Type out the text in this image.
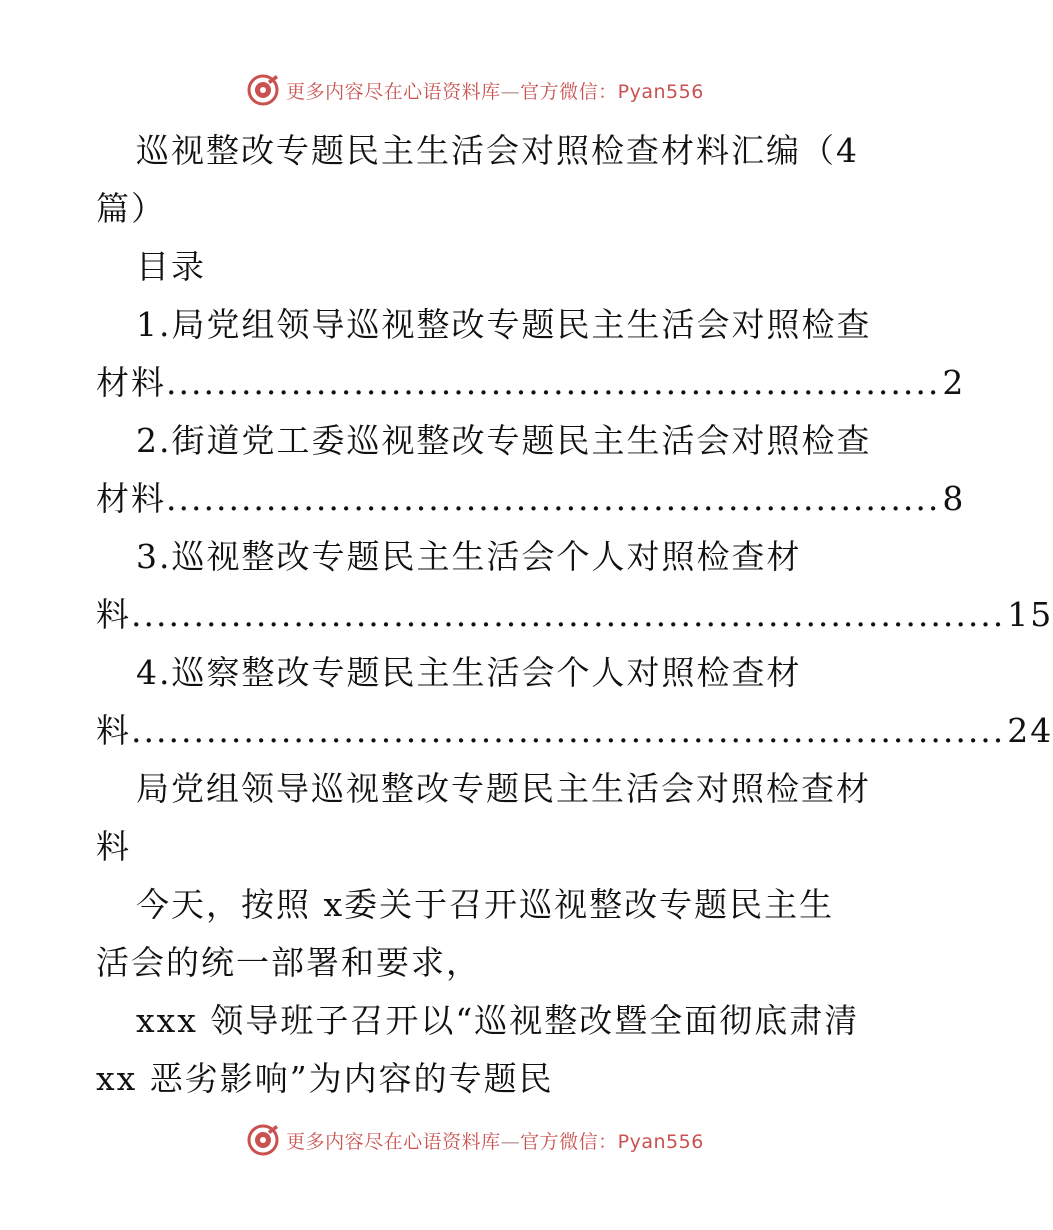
更多内容尽在心语资料库—官方微信：Pyan556
巡视整改专题民主生活会对照检查材料汇编（4
篇）
目录
1.局党组领导巡视整改专题民主生活会对照检查
材料 .............................................................. 2
2.街道党工委巡视整改专题民主生活会对照检查
材料 .............................................................. 8
3.巡视整改专题民主生活会个人对照检查材
料 ...................................................................... 15
4.巡察整改专题民主生活会个人对照检查材
料 ...................................................................... 24
局党组领导巡视整改专题民主生活会对照检查材
料
今天，按照 x委关于召开巡视整改专题民主生
活会的统一部署和要求，
xxx 领导班子召开以“巡视整改暨全面彻底肃清
xx 恶劣影响”为内容的专题民
更多内容尽在心语资料库—官方微信：Pyan556
